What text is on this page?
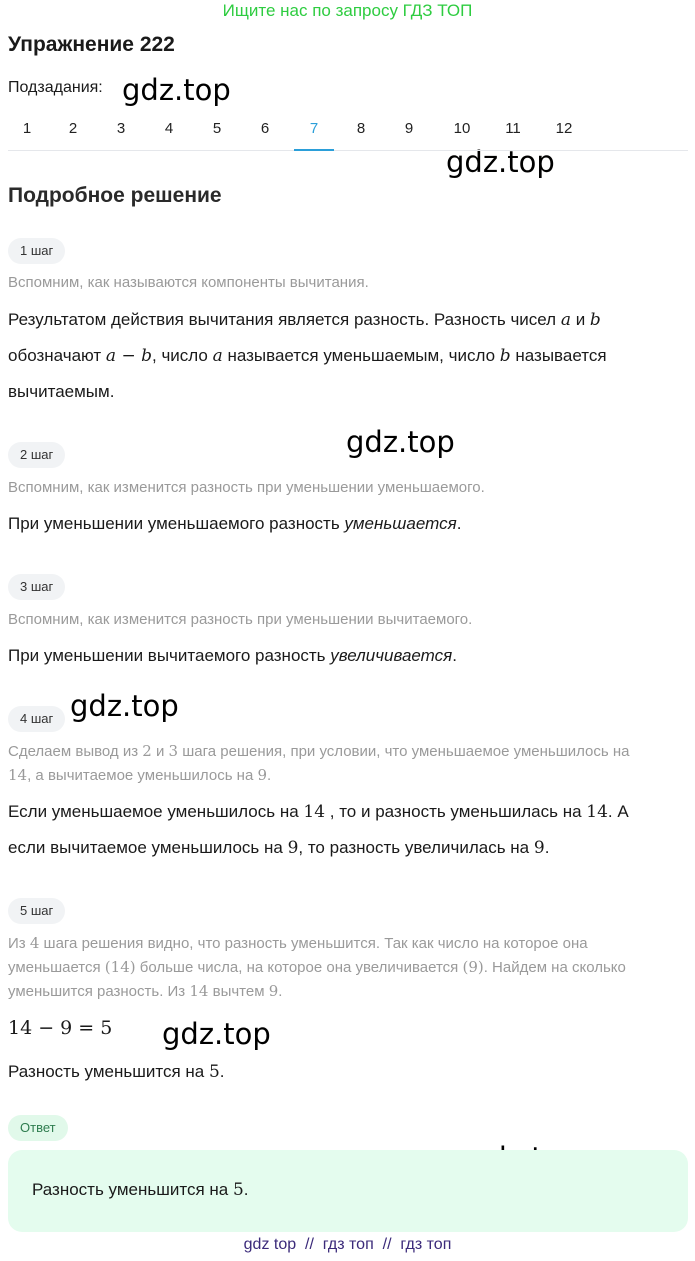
Ищите нас по запросу ГДЗ ТОП
Упражнение 222
Подзадания: gdz.top
gdz.top
gdz.top
gdz.top
gdz.top
1	2	3	4	5	6	7	8	9	10	11	12
Подробное решение
1 шаг
Вспомним, как называются компоненты вычитания.
Результатом действия вычитания является разность. Разность чисел a и b
обозначают a − b, число a называется уменьшаемым, число b называется
вычитаемым.
2 шаг
Вспомним, как изменится разность при уменьшении уменьшаемого.
При уменьшении уменьшаемого разность уменьшается.
3 шаг
Вспомним, как изменится разность при уменьшении вычитаемого.
При уменьшении вычитаемого разность увеличивается.
4 шаг
Сделаем вывод из 2 и 3 шага решения, при условии, что уменьшаемое уменьшилось на
14, а вычитаемое уменьшилось на 9.
Если уменьшаемое уменьшилось на 14 , то и разность уменьшилась на 14. А
если вычитаемое уменьшилось на 9, то разность увеличилась на 9.
5 шаг
Из 4 шага решения видно, что разность уменьшится. Так как число на которое она
уменьшается (14) больше числа, на которое она увеличивается (9). Найдем на сколько
уменьшится разность. Из 14 вычтем 9.
14 − 9 = 5
Разность уменьшится на 5.
Ответ
Разность уменьшится на 5.
gdz top  //  гдз топ  //  гдз топ
